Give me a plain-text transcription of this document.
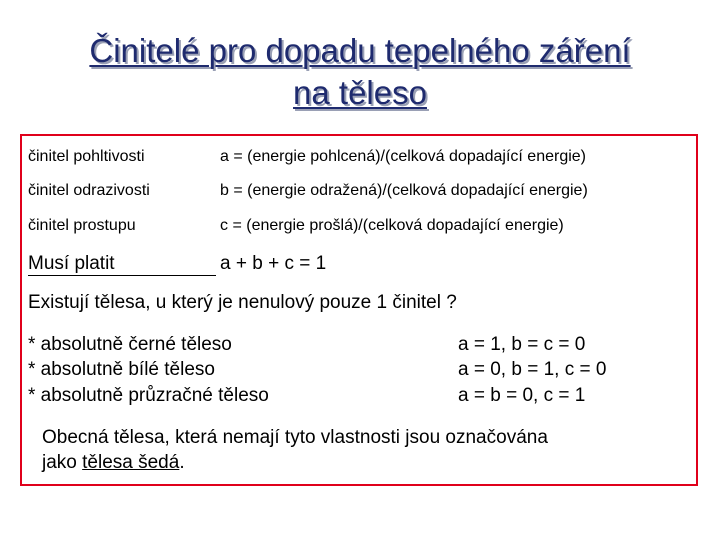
Činitelé pro dopadu tepelného záření
na těleso
činitel pohltivosti	a = (energie pohlcená)/(celková dopadající energie)
činitel odrazivosti	b = (energie odražená)/(celková dopadající energie)
činitel prostupu	c = (energie prošlá)/(celková dopadající energie)
Musí platit	a + b + c = 1
Existují tělesa, u který je nenulový pouze 1 činitel ?
* absolutně černé těleso	a = 1, b = c = 0
* absolutně bílé těleso	a = 0, b = 1, c = 0
* absolutně průzračné těleso	a = b = 0, c = 1
Obecná tělesa, která nemají tyto vlastnosti jsou označována
jako tělesa šedá.
